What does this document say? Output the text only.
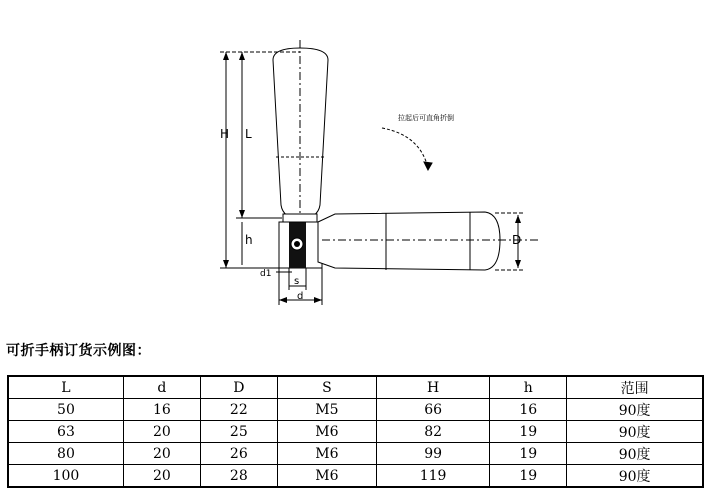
H L
h	D
d1
s
d
拉起后可直角折倒
可折手柄订货示例图：
L	d	D	S	H	h	范围
50	16	22	M5	66	16	90度
63	20	25	M6	82	19	90度
80	20	26	M6	99	19	90度
100	20	28	M6	119	19	90度
